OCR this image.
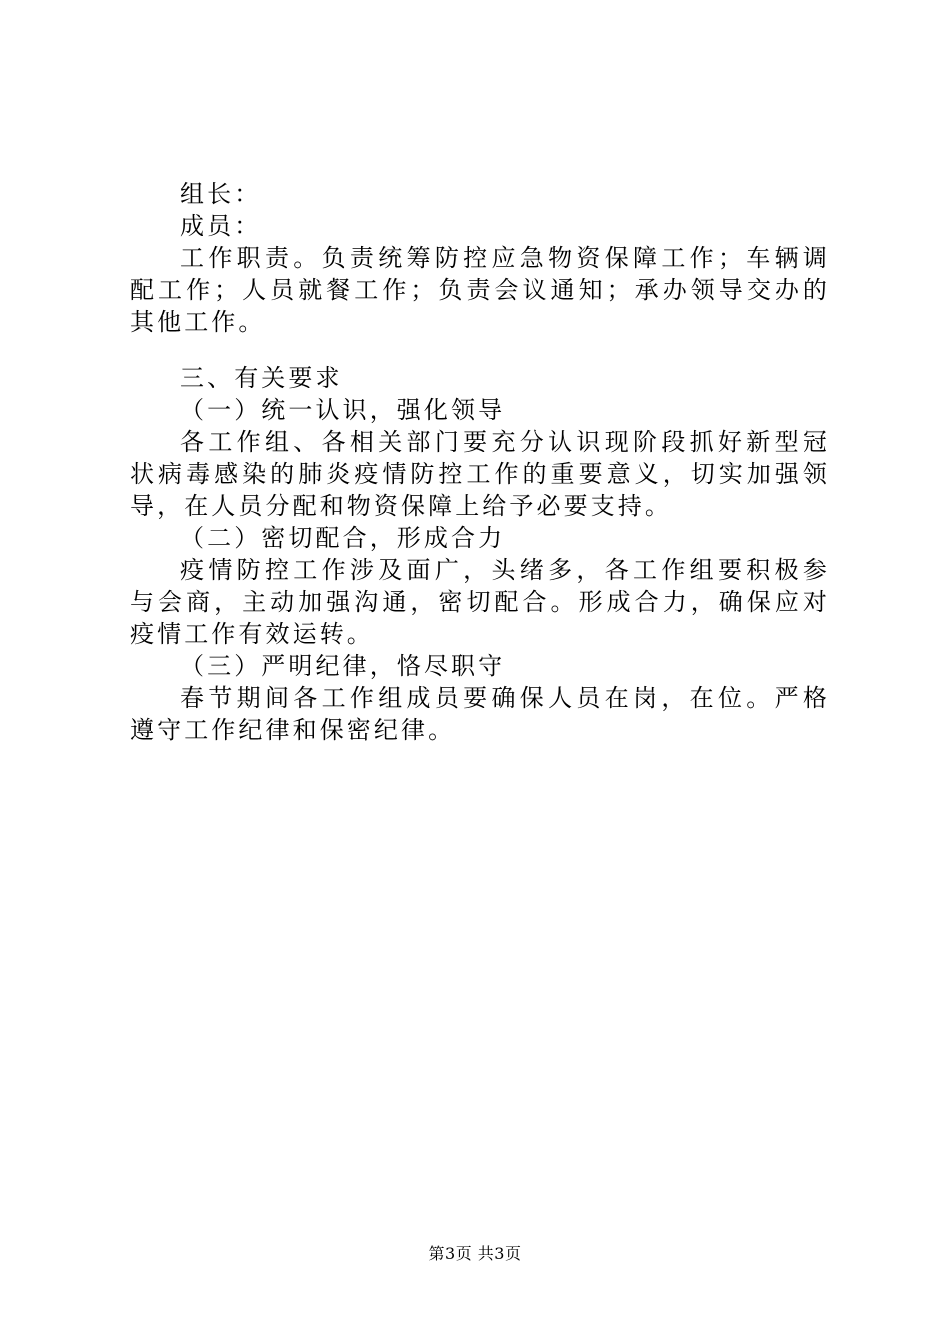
组长：

成员：

工作职责。负责统筹防控应急物资保障工作；车辆调配工作；人员就餐工作；负责会议通知；承办领导交办的其他工作。

三、有关要求

（一）统一认识，强化领导

各工作组、各相关部门要充分认识现阶段抓好新型冠状病毒感染的肺炎疫情防控工作的重要意义，切实加强领导，在人员分配和物资保障上给予必要支持。

（二）密切配合，形成合力

疫情防控工作涉及面广，头绪多，各工作组要积极参与会商，主动加强沟通，密切配合。形成合力，确保应对疫情工作有效运转。

（三）严明纪律，恪尽职守

春节期间各工作组成员要确保人员在岗，在位。严格遵守工作纪律和保密纪律。

第3页 共3页
